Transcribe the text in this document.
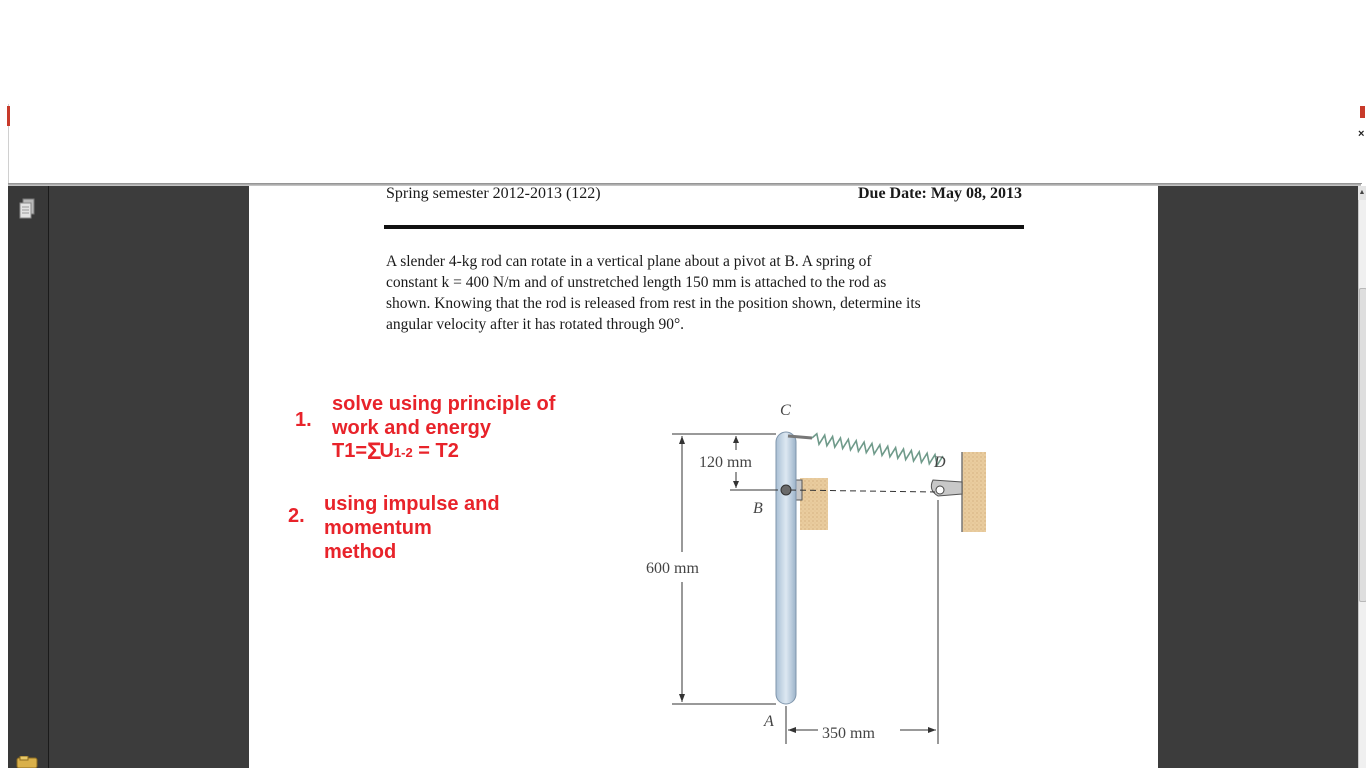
×
▲
Spring semester 2012-2013 (122)	Due Date: May 08, 2013

A slender 4-kg rod can rotate in a vertical plane about a pivot at B. A spring of

constant k = 400 N/m and of unstretched length 150 mm is attached to the rod as

shown. Knowing that the rod is released from rest in the position shown, determine its

angular velocity after it has rotated through 90°.

1.
solve using principle of
work and energy
T1=ΣU1-2 = T2
2.
using impulse and
momentum
method
C
B
D
A
600 mm
120 mm
350 mm
